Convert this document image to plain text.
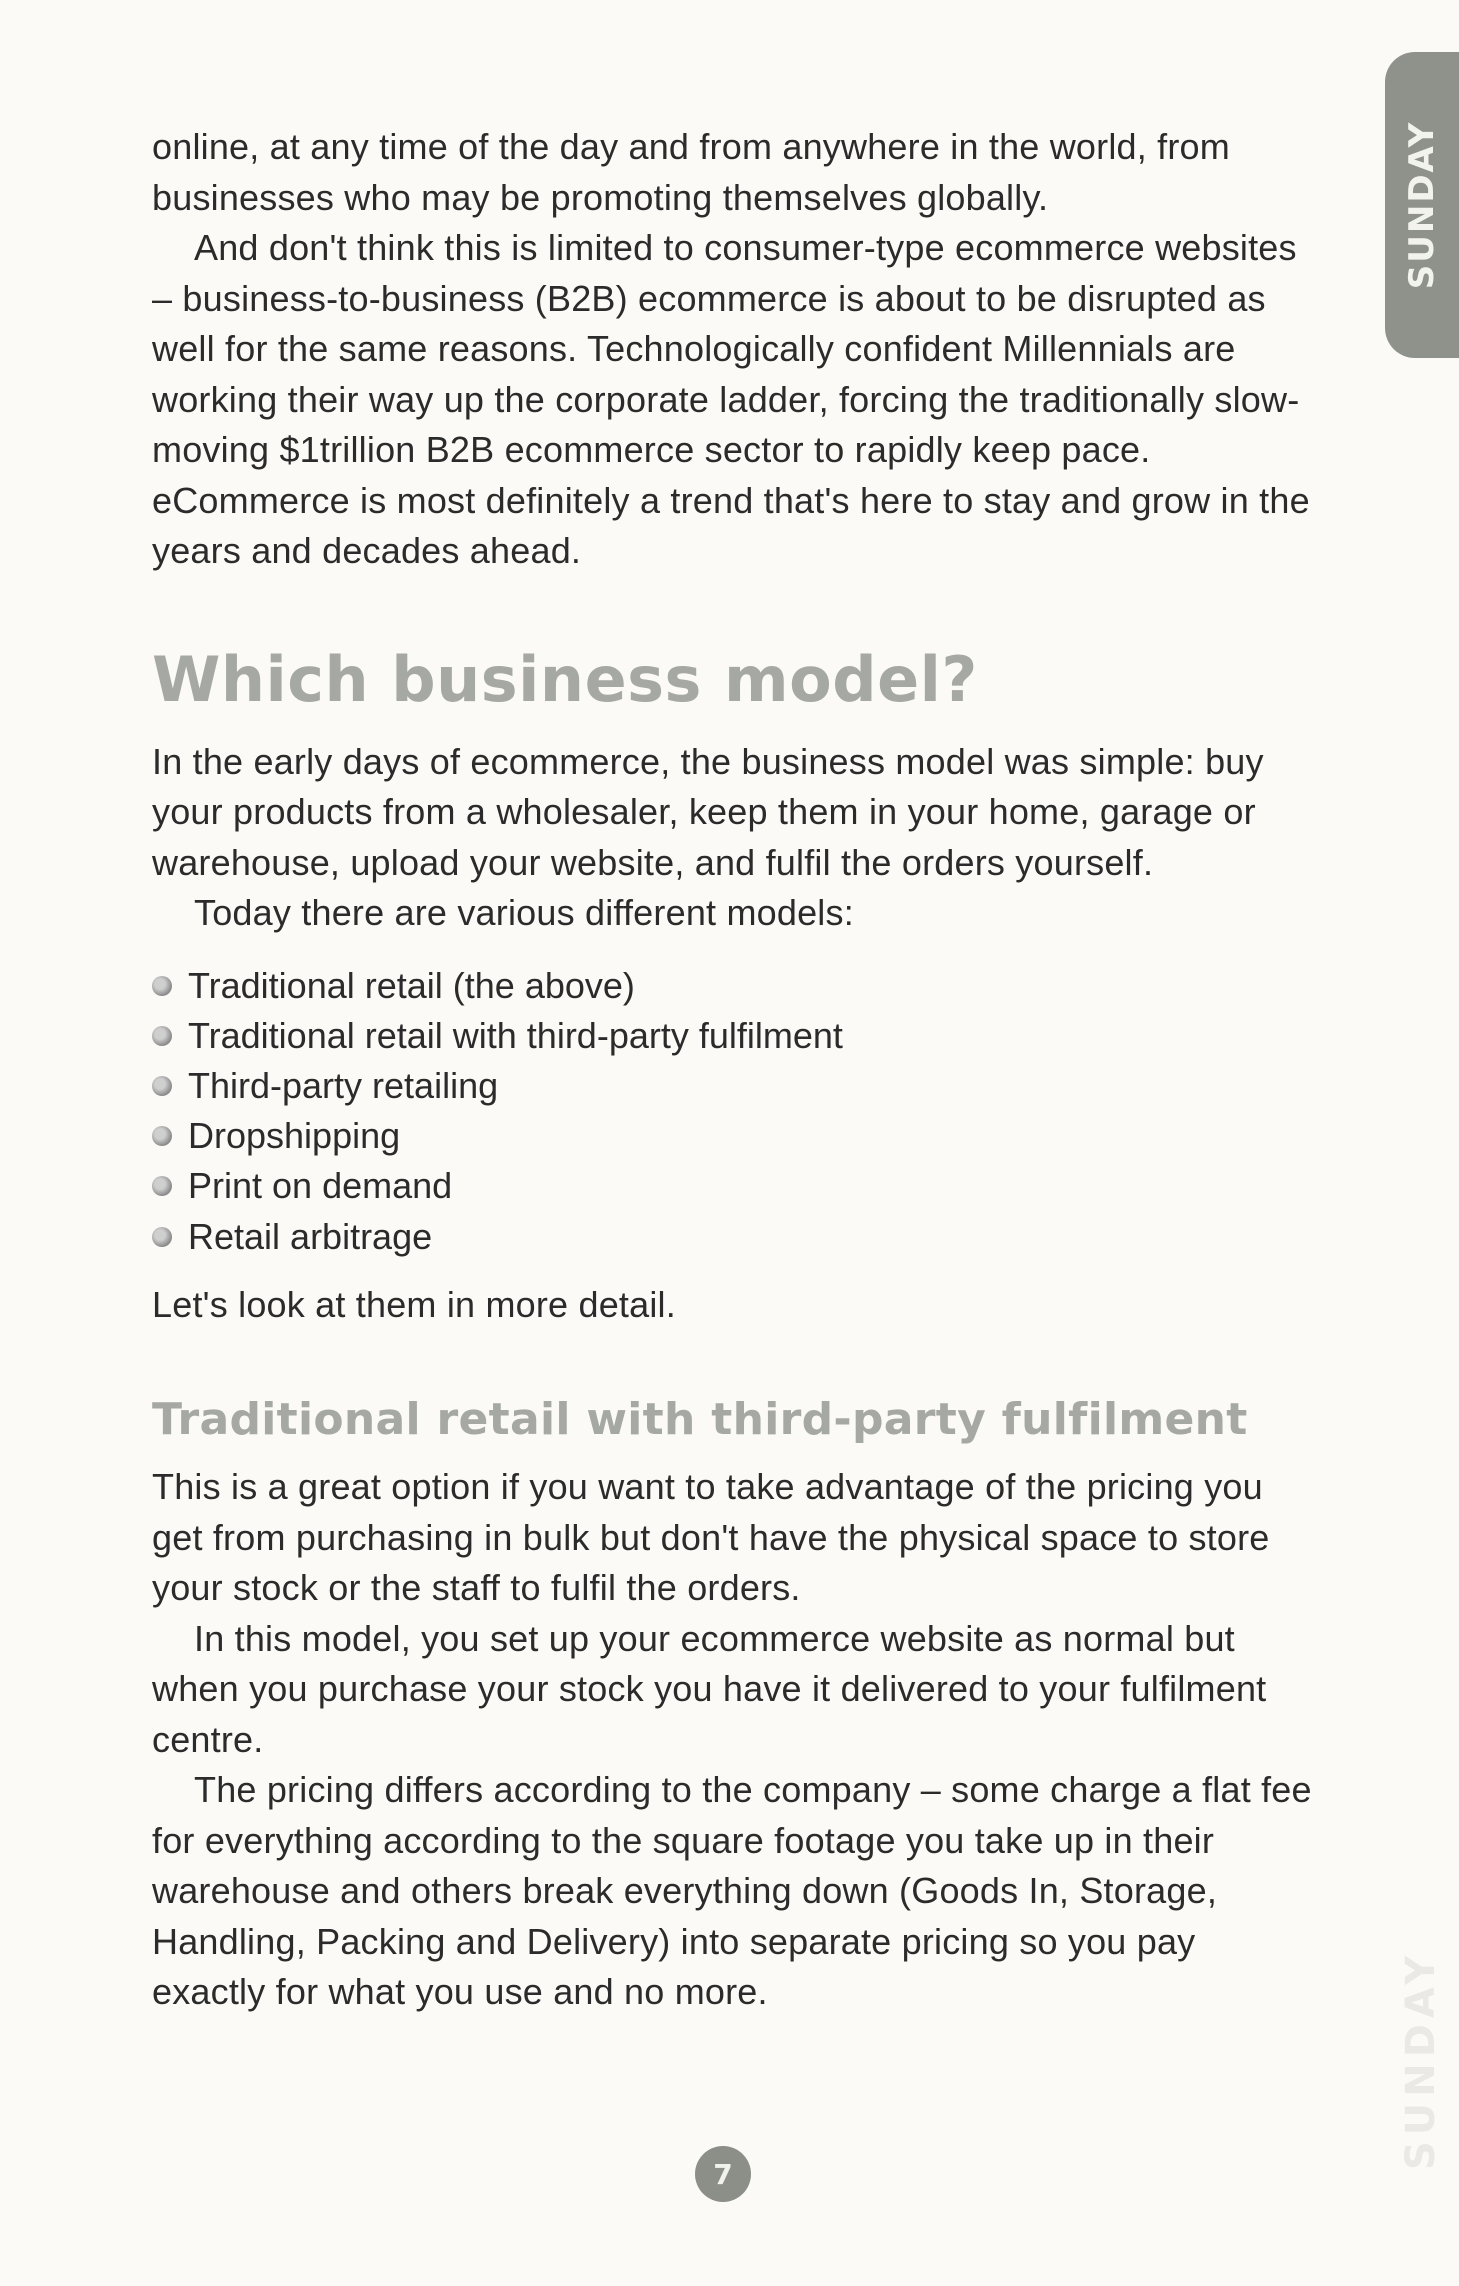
SUNDAY
SUNDAY

online, at any time of the day and from anywhere in the world, from businesses who may be promoting themselves globally.

And don't think this is limited to consumer-type ecommerce websites – business-to-business (B2B) ecommerce is about to be disrupted as well for the same reasons. Technologically confident Millennials are working their way up the corporate ladder, forcing the traditionally slow-moving $1trillion B2B ecommerce sector to rapidly keep pace. eCommerce is most definitely a trend that's here to stay and grow in the years and decades ahead.

Which business model?

In the early days of ecommerce, the business model was simple: buy your products from a wholesaler, keep them in your home, garage or warehouse, upload your website, and fulfil the orders yourself.

Today there are various different models:

Traditional retail (the above)
Traditional retail with third-party fulfilment
Third-party retailing
Dropshipping
Print on demand
Retail arbitrage

Let's look at them in more detail.

Traditional retail with third-party fulfilment

This is a great option if you want to take advantage of the pricing you get from purchasing in bulk but don't have the physical space to store your stock or the staff to fulfil the orders.

In this model, you set up your ecommerce website as normal but when you purchase your stock you have it delivered to your fulfilment centre.

The pricing differs according to the company – some charge a flat fee for everything according to the square footage you take up in their warehouse and others break everything down (Goods In, Storage, Handling, Packing and Delivery) into separate pricing so you pay exactly for what you use and no more.

7
